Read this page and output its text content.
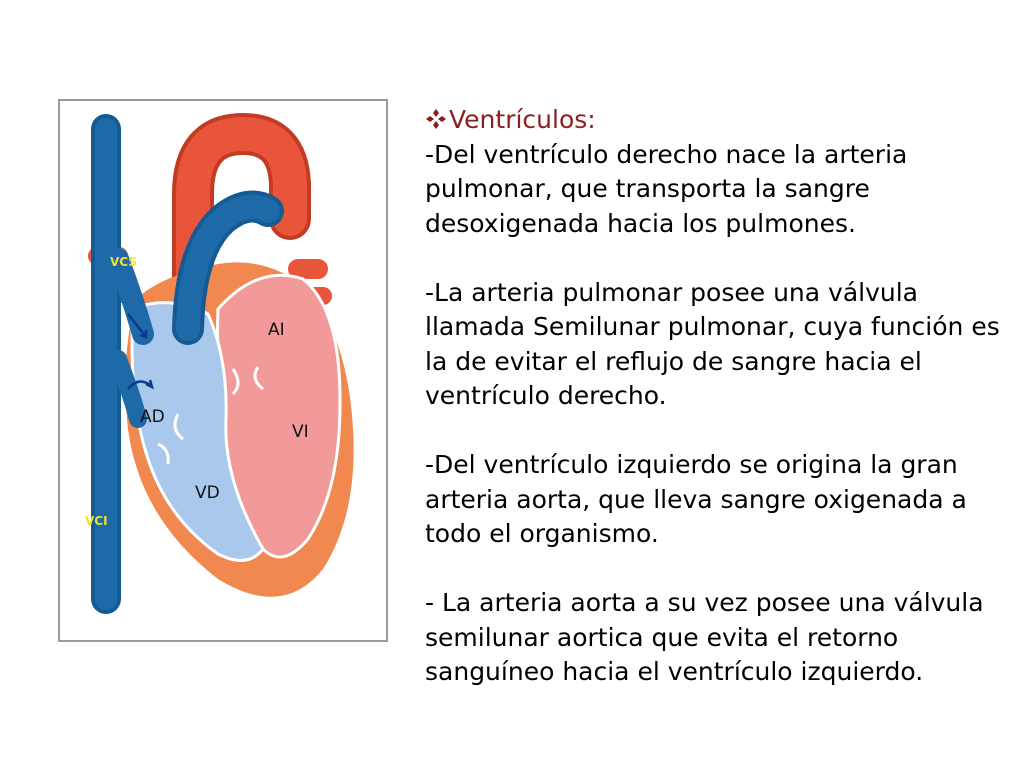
VCS
VCI
AD
AI
VD
VI
Ventrículos:

-Del ventrículo derecho nace la arteria pulmonar, que transporta la sangre desoxigenada hacia los pulmones.

-La arteria pulmonar posee una válvula llamada Semilunar pulmonar, cuya función es la de evitar el reflujo de sangre hacia el ventrículo derecho.

-Del ventrículo izquierdo se origina la gran arteria aorta, que lleva sangre oxigenada a todo el organismo.

- La arteria aorta a su vez posee una válvula semilunar aortica que evita el retorno sanguíneo hacia el ventrículo izquierdo.
